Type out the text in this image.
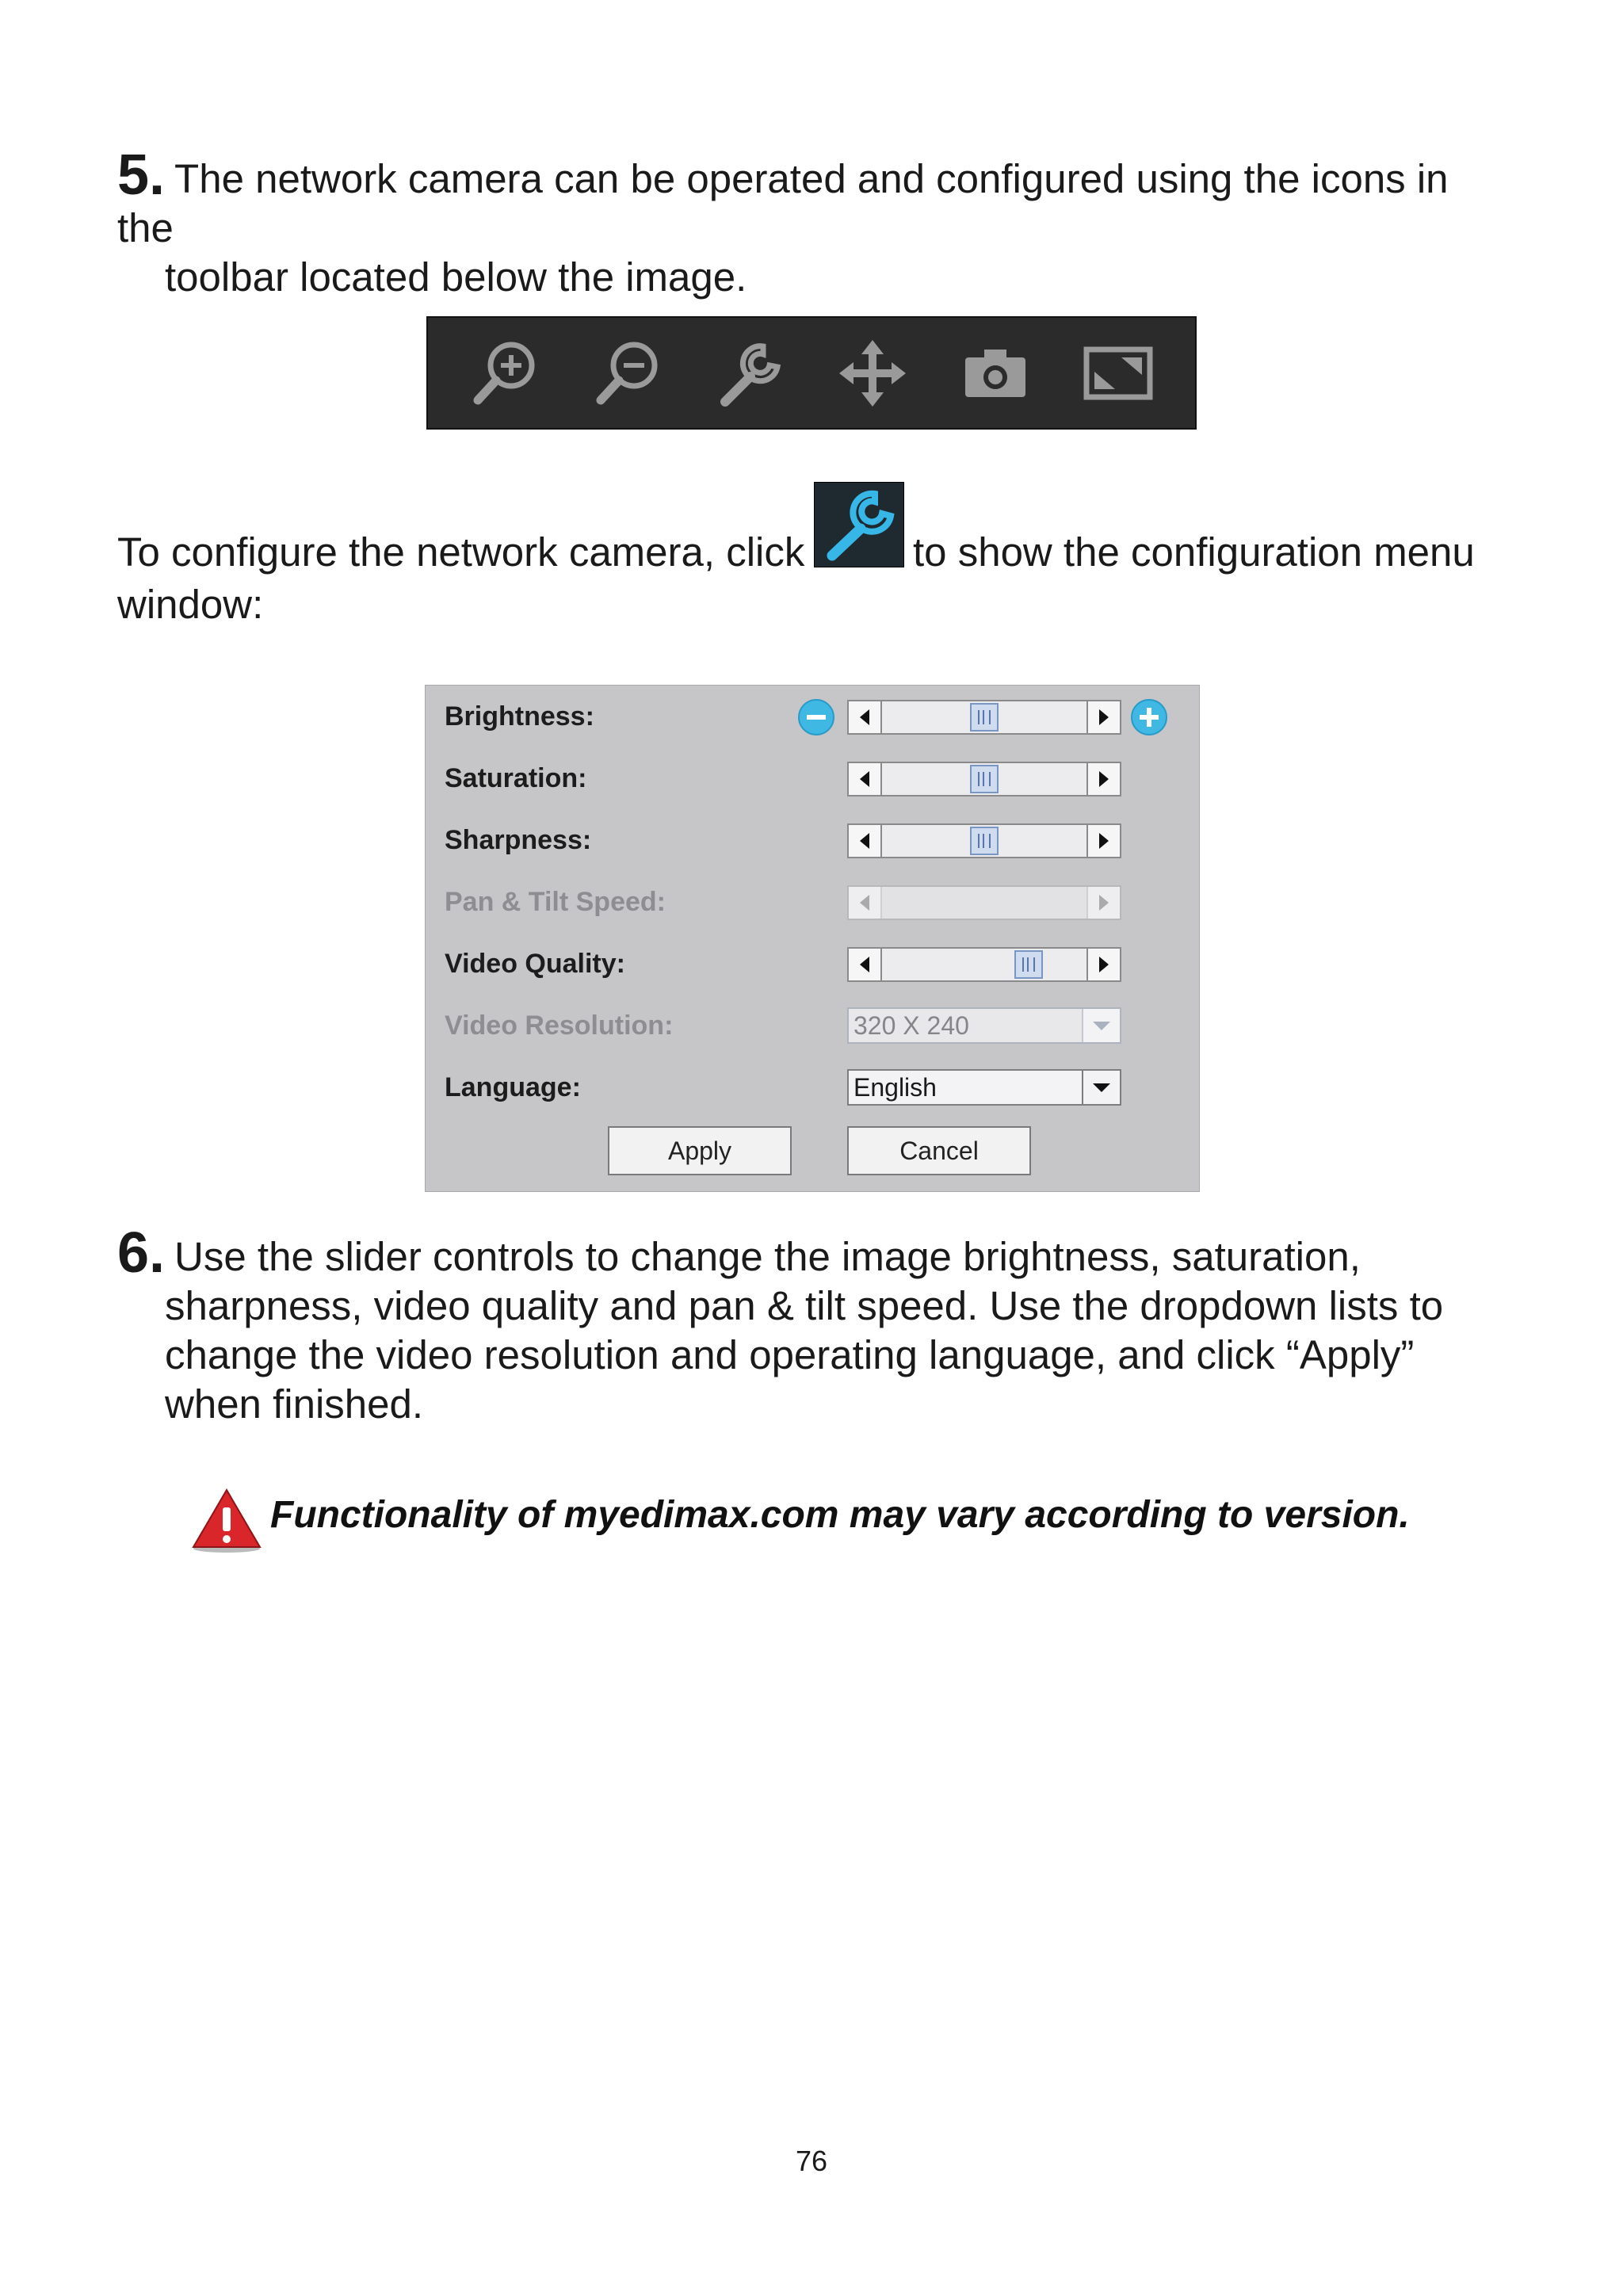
5. The network camera can be operated and configured using the icons in the
toolbar located below the image.
To configure the network camera, click	to show the configuration menu
window:
Brightness:
Saturation:
Sharpness:
Pan & Tilt Speed:
Video Quality:
Video Resolution:	320 X 240
Language:	English
Apply	Cancel
6. Use the slider controls to change the image brightness, saturation,
sharpness, video quality and pan & tilt speed. Use the dropdown lists to
change the video resolution and operating language, and click “Apply”
when finished.
Functionality of myedimax.com may vary according to version.
76
